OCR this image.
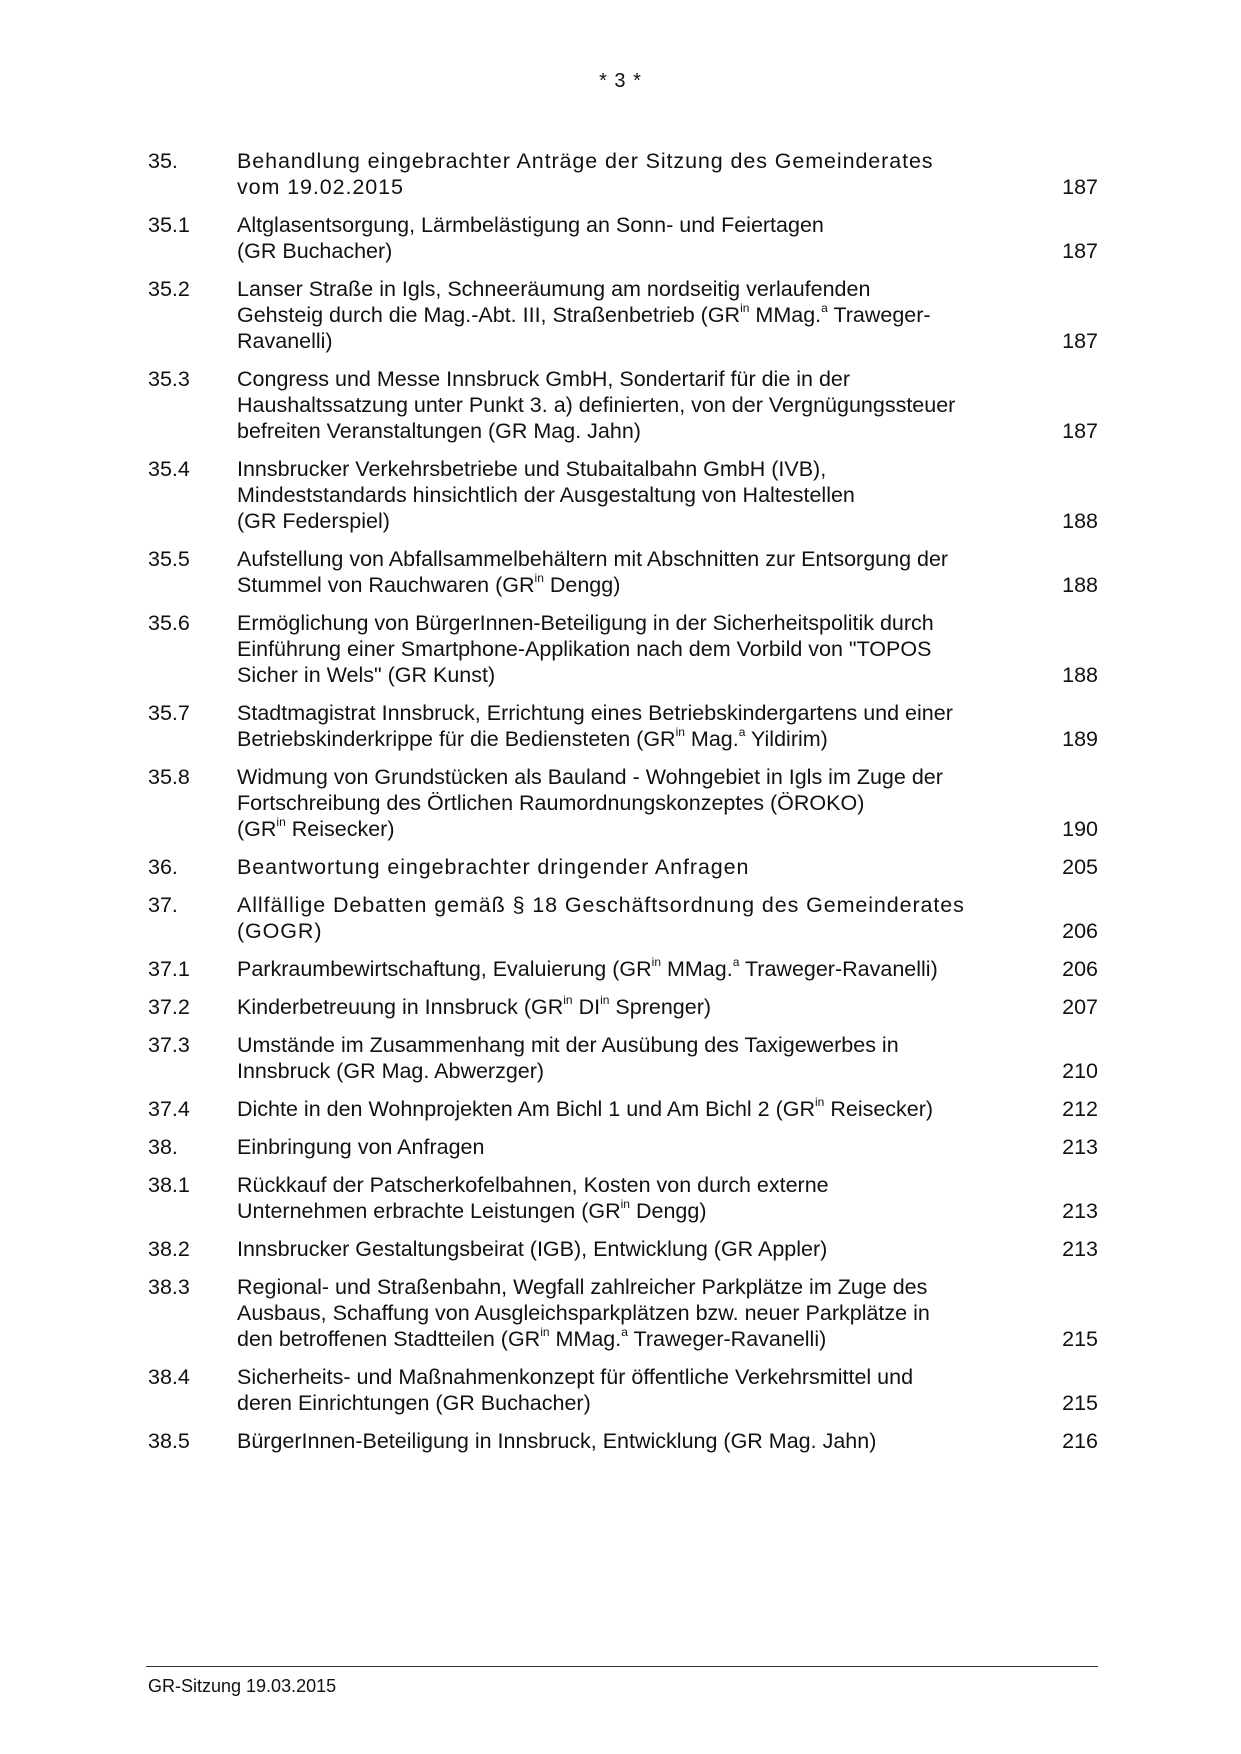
* 3 *
35.	Behandlung eingebrachter Anträge der Sitzung des Gemeinderates
vom 19.02.2015	187
35.1	Altglasentsorgung, Lärmbelästigung an Sonn- und Feiertagen
(GR Buchacher)	187
35.2	Lanser Straße in Igls, Schneeräumung am nordseitig verlaufenden
Gehsteig durch die Mag.-Abt. III, Straßenbetrieb ($GR^{in}$ MMag.$^a$ Traweger-
Ravanelli)	187
35.3	Congress und Messe Innsbruck GmbH, Sondertarif für die in der
Haushaltssatzung unter Punkt 3. a) definierten, von der Vergnügungssteuer
befreiten Veranstaltungen (GR Mag. Jahn)	187
35.4	Innsbrucker Verkehrsbetriebe und Stubaitalbahn GmbH (IVB),
Mindeststandards hinsichtlich der Ausgestaltung von Haltestellen
(GR Federspiel)	188
35.5	Aufstellung von Abfallsammelbehältern mit Abschnitten zur Entsorgung der
Stummel von Rauchwaren ($GR^{in}$ Dengg)	188
35.6	Ermöglichung von BürgerInnen-Beteiligung in der Sicherheitspolitik durch
Einführung einer Smartphone-Applikation nach dem Vorbild von "TOPOS
Sicher in Wels" (GR Kunst)	188
35.7	Stadtmagistrat Innsbruck, Errichtung eines Betriebskindergartens und einer
Betriebskinderkrippe für die Bediensteten ($GR^{in}$ Mag.$^a$ Yildirim)	189
35.8	Widmung von Grundstücken als Bauland - Wohngebiet in Igls im Zuge der
Fortschreibung des Örtlichen Raumordnungskonzeptes (ÖROKO)
($GR^{in}$ Reisecker)	190
36.	Beantwortung eingebrachter dringender Anfragen	205
37.	Allfällige Debatten gemäß § 18 Geschäftsordnung des Gemeinderates
(GOGR)	206
37.1	Parkraumbewirtschaftung, Evaluierung ($GR^{in}$ MMag.$^a$ Traweger-Ravanelli)	206
37.2	Kinderbetreuung in Innsbruck ($GR^{in}$ $DI^{in}$ Sprenger)	207
37.3	Umstände im Zusammenhang mit der Ausübung des Taxigewerbes in
Innsbruck (GR Mag. Abwerzger)	210
37.4	Dichte in den Wohnprojekten Am Bichl 1 und Am Bichl 2 ($GR^{in}$ Reisecker)	212
38.	Einbringung von Anfragen	213
38.1	Rückkauf der Patscherkofelbahnen, Kosten von durch externe
Unternehmen erbrachte Leistungen ($GR^{in}$ Dengg)	213
38.2	Innsbrucker Gestaltungsbeirat (IGB), Entwicklung (GR Appler)	213
38.3	Regional- und Straßenbahn, Wegfall zahlreicher Parkplätze im Zuge des
Ausbaus, Schaffung von Ausgleichsparkplätzen bzw. neuer Parkplätze in
den betroffenen Stadtteilen ($GR^{in}$ MMag.$^a$ Traweger-Ravanelli)	215
38.4	Sicherheits- und Maßnahmenkonzept für öffentliche Verkehrsmittel und
deren Einrichtungen (GR Buchacher)	215
38.5	BürgerInnen-Beteiligung in Innsbruck, Entwicklung (GR Mag. Jahn)	216
GR-Sitzung 19.03.2015
